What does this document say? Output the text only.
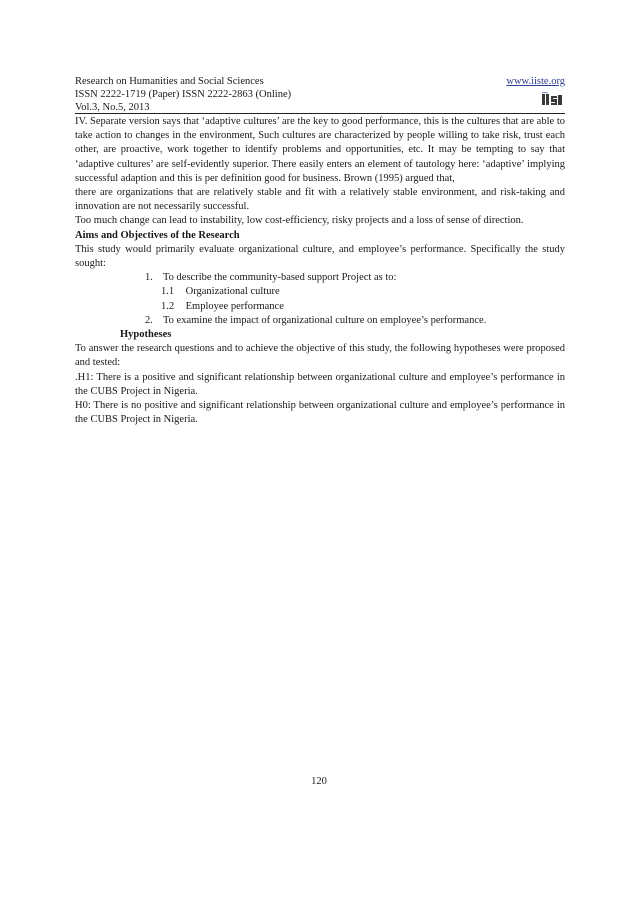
Research on Humanities and Social Sciences
ISSN 2222-1719 (Paper) ISSN 2222-2863 (Online)
Vol.3, No.5, 2013
www.iiste.org

IV. Separate version says that ‘adaptive cultures’ are the key to good performance, this is the cultures that are able to take action to changes in the environment, Such cultures are characterized by people willing to take risk, trust each other, are proactive, work together to identify problems and opportunities, etc. It may be tempting to say that ‘adaptive cultures’ are self-evidently superior. There easily enters an element of tautology here: ‘adaptive’ implying successful adaption and this is per definition good for business. Brown (1995) argued that,

there are organizations that are relatively stable and fit with a relatively stable environment, and risk-taking and innovation are not necessarily successful.

Too much change can lead to instability, low cost-efficiency, risky projects and a loss of sense of direction.

Aims and Objectives of the Research

This study would primarily evaluate organizational culture, and employee’s performance. Specifically the study sought:

1. To describe the community-based support Project as to:
1.1 Organizational culture
1.2 Employee performance
2. To examine the impact of organizational culture on employee’s performance.

Hypotheses

To answer the research questions and to achieve the objective of this study, the following hypotheses were proposed and tested:

.H1: There is a positive and significant relationship between organizational culture and employee’s performance in the CUBS Project in Nigeria.

H0: There is no positive and significant relationship between organizational culture and employee’s performance in the CUBS Project in Nigeria.

120
